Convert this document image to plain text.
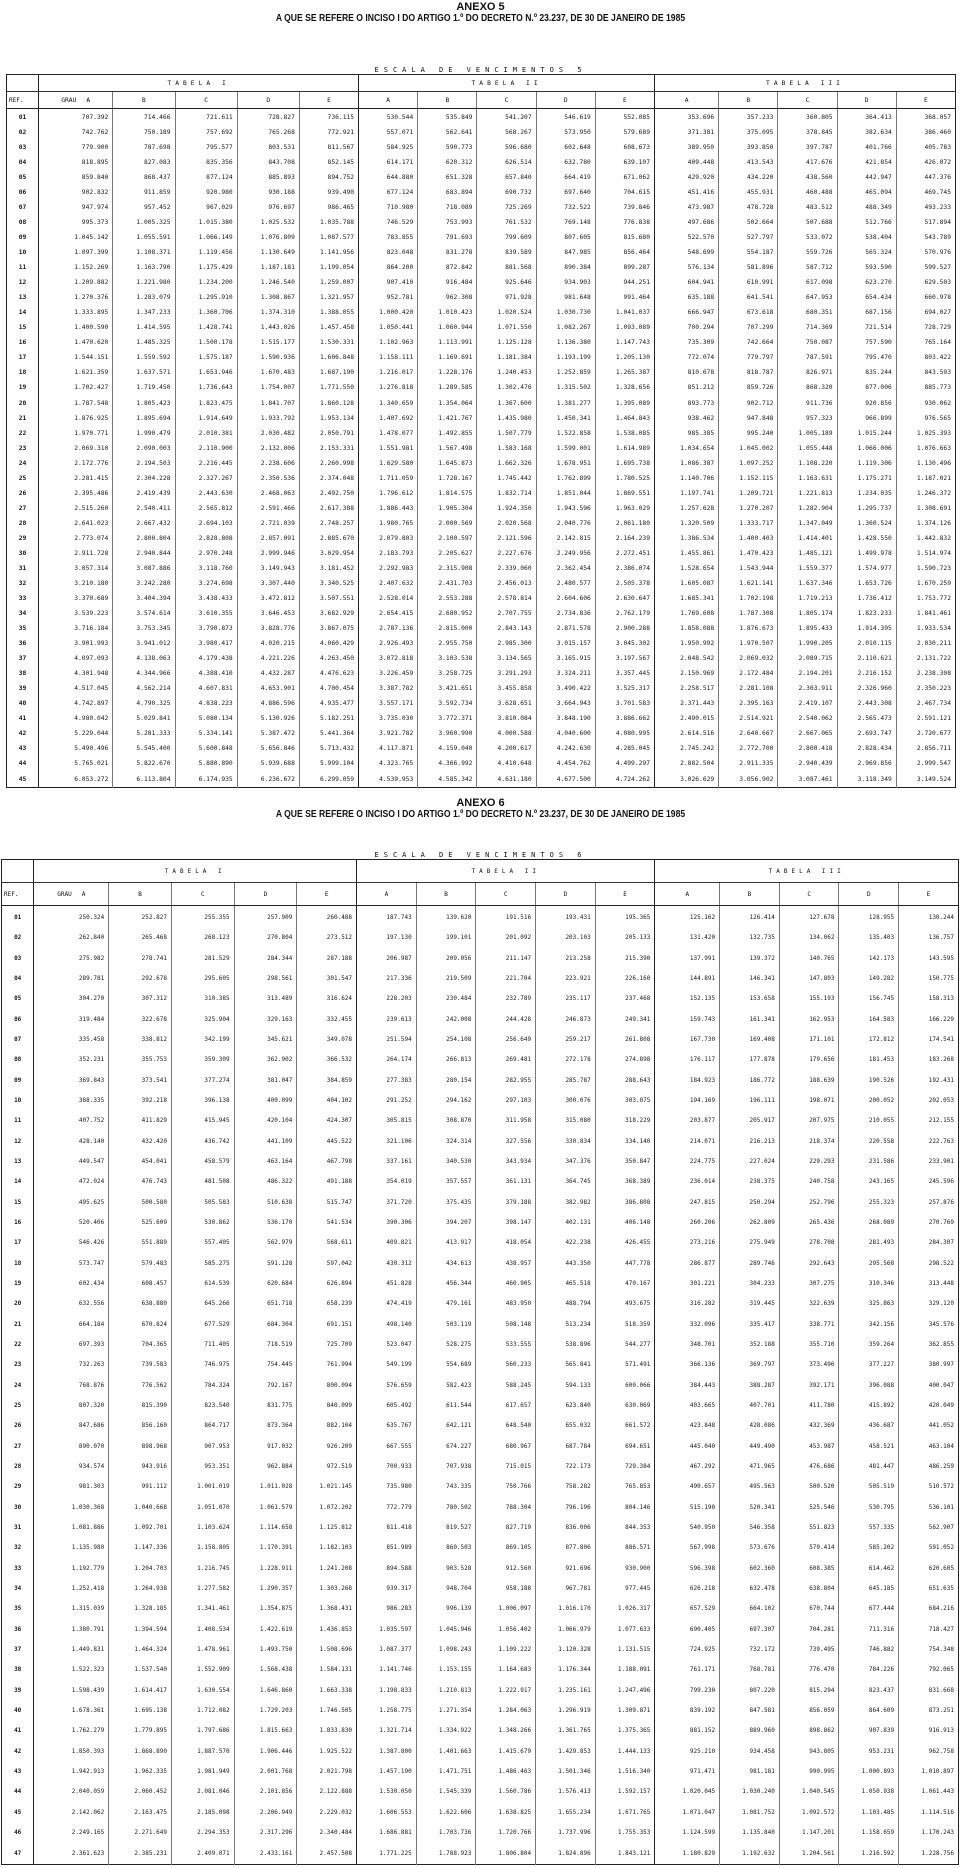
ANEXO 5
A QUE SE REFERE O INCISO I DO ARTIGO 1.º DO DECRETO N.º 23.237, DE 30 DE JANEIRO DE 1985
ESCALA DE VENCIMENTOS 5
	TABELA I					TABELA II					TABELA III				
REF.	GRAU A	B	C	D	E	A	B	C	D	E	A	B	C	D	E
01	707.392	714.466	721.611	728.827	736.115	530.544	535.849	541.207	546.619	552.085	353.696	357.233	360.805	364.413	368.057
02	742.762	750.189	757.692	765.268	772.921	557.071	562.641	568.267	573.950	579.689	371.381	375.095	378.845	382.634	386.460
03	779.900	787.698	795.577	803.531	811.567	584.925	590.773	596.680	602.648	608.673	389.950	393.850	397.787	401.766	405.783
04	818.895	827.083	835.356	843.708	852.145	614.171	620.312	626.514	632.780	639.107	409.448	413.543	417.676	421.854	426.072
05	859.840	868.437	877.124	885.893	894.752	644.880	651.328	657.840	664.419	671.062	429.920	434.220	438.560	442.947	447.376
06	902.832	911.859	920.980	930.188	939.490	677.124	683.894	690.732	697.640	704.615	451.416	455.931	460.488	465.094	469.745
07	947.974	957.452	967.029	976.697	986.465	710.980	718.089	725.269	732.522	739.846	473.987	478.728	483.512	488.349	493.233
08	995.373	1.005.325	1.015.380	1.025.532	1.035.788	746.529	753.993	761.532	769.148	776.838	497.686	502.664	507.688	512.766	517.894
09	1.045.142	1.055.591	1.066.149	1.076.809	1.087.577	783.855	791.693	799.609	807.605	815.680	522.570	527.797	533.072	538.404	543.789
10	1.097.399	1.108.371	1.119.456	1.130.649	1.141.956	823.048	831.278	839.589	847.985	856.464	548.699	554.187	559.726	565.324	570.976
11	1.152.269	1.163.790	1.175.429	1.187.181	1.199.054	864.200	872.842	881.568	890.384	899.287	576.134	581.896	587.712	593.590	599.527
12	1.209.882	1.221.980	1.234.200	1.246.540	1.259.007	907.410	916.484	925.646	934.903	944.251	604.941	610.991	617.098	623.270	629.503
13	1.270.376	1.283.079	1.295.910	1.308.867	1.321.957	952.781	962.308	971.928	981.648	991.464	635.188	641.541	647.953	654.434	660.978
14	1.333.895	1.347.233	1.360.706	1.374.310	1.388.055	1.000.420	1.010.423	1.020.524	1.030.730	1.041.037	666.947	673.618	680.351	687.156	694.027
15	1.400.590	1.414.595	1.428.741	1.443.026	1.457.458	1.050.441	1.060.944	1.071.550	1.082.267	1.093.089	700.294	707.299	714.369	721.514	728.729
16	1.470.620	1.485.325	1.500.178	1.515.177	1.530.331	1.102.963	1.113.991	1.125.128	1.136.380	1.147.743	735.309	742.664	750.087	757.590	765.164
17	1.544.151	1.559.592	1.575.187	1.590.936	1.606.848	1.158.111	1.169.691	1.181.384	1.193.199	1.205.130	772.074	779.797	787.591	795.470	803.422
18	1.621.359	1.637.571	1.653.946	1.670.483	1.687.190	1.216.017	1.228.176	1.240.453	1.252.859	1.265.387	810.678	818.787	826.971	835.244	843.593
19	1.702.427	1.719.450	1.736.643	1.754.007	1.771.550	1.276.818	1.289.585	1.302.476	1.315.502	1.328.656	851.212	859.726	868.320	877.006	885.773
20	1.787.548	1.805.423	1.823.475	1.841.707	1.860.128	1.340.659	1.354.064	1.367.600	1.381.277	1.395.089	893.773	902.712	911.736	920.856	930.062
21	1.876.925	1.895.694	1.914.649	1.933.792	1.953.134	1.407.692	1.421.767	1.435.980	1.450.341	1.464.843	938.462	947.848	957.323	966.899	976.565
22	1.970.771	1.990.479	2.010.381	2.030.482	2.050.791	1.478.077	1.492.855	1.507.779	1.522.858	1.538.085	985.385	995.240	1.005.189	1.015.244	1.025.393
23	2.069.310	2.090.003	2.110.900	2.132.006	2.153.331	1.551.981	1.567.498	1.583.168	1.599.001	1.614.989	1.034.654	1.045.002	1.055.448	1.066.006	1.076.663
24	2.172.776	2.194.503	2.216.445	2.238.606	2.260.998	1.629.580	1.645.873	1.662.326	1.678.951	1.695.738	1.086.387	1.097.252	1.108.220	1.119.306	1.130.496
25	2.281.415	2.304.228	2.327.267	2.350.536	2.374.048	1.711.059	1.728.167	1.745.442	1.762.899	1.780.525	1.140.706	1.152.115	1.163.631	1.175.271	1.187.021
26	2.395.486	2.419.439	2.443.630	2.468.063	2.492.750	1.796.612	1.814.575	1.832.714	1.851.044	1.869.551	1.197.741	1.209.721	1.221.813	1.234.035	1.246.372
27	2.515.260	2.540.411	2.565.812	2.591.466	2.617.388	1.886.443	1.905.304	1.924.350	1.943.596	1.963.029	1.257.628	1.270.207	1.282.904	1.295.737	1.308.691
28	2.641.023	2.667.432	2.694.103	2.721.039	2.748.257	1.980.765	2.000.569	2.020.568	2.040.776	2.061.180	1.320.509	1.333.717	1.347.049	1.360.524	1.374.126
29	2.773.074	2.800.804	2.828.808	2.857.091	2.885.670	2.079.803	2.100.597	2.121.596	2.142.815	2.164.239	1.386.534	1.400.403	1.414.401	1.428.550	1.442.832
30	2.911.728	2.940.844	2.970.248	2.999.946	3.029.954	2.183.793	2.205.627	2.227.676	2.249.956	2.272.451	1.455.861	1.470.423	1.485.121	1.499.978	1.514.974
31	3.057.314	3.087.886	3.118.760	3.149.943	3.181.452	2.292.983	2.315.908	2.339.060	2.362.454	2.386.074	1.528.654	1.543.944	1.559.377	1.574.977	1.590.723
32	3.210.180	3.242.280	3.274.698	3.307.440	3.340.525	2.407.632	2.431.703	2.456.013	2.480.577	2.505.378	1.605.087	1.621.141	1.637.346	1.653.726	1.670.259
33	3.370.689	3.404.394	3.438.433	3.472.812	3.507.551	2.528.014	2.553.288	2.578.814	2.604.606	2.630.647	1.685.341	1.702.198	1.719.213	1.736.412	1.753.772
34	3.539.223	3.574.614	3.610.355	3.646.453	3.682.929	2.654.415	2.680.952	2.707.755	2.734.836	2.762.179	1.769.608	1.787.308	1.805.174	1.823.233	1.841.461
35	3.716.184	3.753.345	3.790.873	3.828.776	3.867.075	2.787.136	2.815.000	2.843.143	2.871.578	2.900.288	1.858.088	1.876.673	1.895.433	1.914.395	1.933.534
36	3.901.993	3.941.012	3.980.417	4.020.215	4.060.429	2.926.493	2.955.750	2.985.300	3.015.157	3.045.302	1.950.992	1.970.507	1.990.205	2.010.115	2.030.211
37	4.097.093	4.138.063	4.179.438	4.221.226	4.263.450	3.072.818	3.103.538	3.134.565	3.165.915	3.197.567	2.048.542	2.069.032	2.089.715	2.110.621	2.131.722
38	4.301.948	4.344.966	4.388.410	4.432.287	4.476.623	3.226.459	3.258.725	3.291.293	3.324.211	3.357.445	2.150.969	2.172.484	2.194.201	2.216.152	2.238.308
39	4.517.045	4.562.214	4.607.831	4.653.901	4.700.454	3.387.782	3.421.651	3.455.858	3.490.422	3.525.317	2.258.517	2.281.108	2.303.911	2.326.960	2.350.223
40	4.742.897	4.790.325	4.838.223	4.886.596	4.935.477	3.557.171	3.592.734	3.628.651	3.664.943	3.701.583	2.371.443	2.395.163	2.419.107	2.443.308	2.467.734
41	4.980.042	5.029.841	5.080.134	5.130.926	5.182.251	3.735.030	3.772.371	3.810.084	3.848.190	3.886.662	2.490.015	2.514.921	2.540.062	2.565.473	2.591.121
42	5.229.044	5.281.333	5.334.141	5.387.472	5.441.364	3.921.782	3.960.990	4.000.588	4.040.600	4.080.995	2.614.516	2.640.667	2.667.065	2.693.747	2.720.677
43	5.490.496	5.545.400	5.600.848	5.656.846	5.713.432	4.117.871	4.159.040	4.200.617	4.242.630	4.285.045	2.745.242	2.772.700	2.800.418	2.828.434	2.856.711
44	5.765.021	5.822.670	5.880.890	5.939.688	5.999.104	4.323.765	4.366.992	4.410.648	4.454.762	4.499.297	2.882.504	2.911.335	2.940.439	2.969.856	2.999.547
45	6.053.272	6.113.804	6.174.935	6.236.672	6.299.059	4.539.953	4.585.342	4.631.180	4.677.500	4.724.262	3.026.629	3.056.902	3.087.461	3.118.349	3.149.524
ANEXO 6
A QUE SE REFERE O INCISO I DO ARTIGO 1.º DO DECRETO N.º 23.237, DE 30 DE JANEIRO DE 1985
ESCALA DE VENCIMENTOS 6
	TABELA I					TABELA II					TABELA III				
REF.	GRAU A	B	C	D	E	A	B	C	D	E	A	B	C	D	E
01	250.324	252.827	255.355	257.909	260.488	187.743	139.620	191.516	193.431	195.365	125.162	126.414	127.678	128.955	130.244
02	262.840	265.468	268.123	270.804	273.512	197.130	199.101	201.092	203.103	205.133	131.420	132.735	134.062	135.403	136.757
03	275.982	278.741	281.529	284.344	287.188	206.987	209.056	211.147	213.258	215.390	137.991	139.372	140.765	142.173	143.595
04	289.781	292.678	295.605	298.561	301.547	217.336	219.509	221.704	223.921	226.160	144.891	146.341	147.803	149.282	150.775
05	304.270	307.312	310.385	313.489	316.624	228.203	230.484	232.789	235.117	237.468	152.135	153.658	155.193	156.745	158.313
06	319.484	322.678	325.904	329.163	332.455	239.613	242.008	244.428	246.873	249.341	159.743	161.341	162.953	164.583	166.229
07	335.458	338.812	342.199	345.621	349.078	251.594	254.108	256.649	259.217	261.808	167.730	169.408	171.101	172.812	174.541
08	352.231	355.753	359.309	362.902	366.532	264.174	266.813	269.481	272.178	274.898	176.117	177.878	179.656	181.453	183.268
09	369.843	373.541	377.274	381.047	384.859	277.383	280.154	282.955	285.787	288.643	184.923	186.772	188.639	190.526	192.431
10	388.335	392.218	396.138	400.099	404.102	291.252	294.162	297.103	300.076	303.075	194.169	196.111	198.071	200.052	202.053
11	407.752	411.829	415.945	420.104	424.307	305.815	308.870	311.958	315.080	318.229	203.877	205.917	207.975	210.055	212.155
12	428.140	432.420	436.742	441.109	445.522	321.106	324.314	327.556	330.834	334.140	214.071	216.213	218.374	220.558	222.763
13	449.547	454.041	458.579	463.164	467.798	337.161	340.530	343.934	347.376	350.847	224.775	227.024	229.293	231.586	233.901
14	472.024	476.743	481.508	486.322	491.188	354.019	357.557	361.131	364.745	368.389	236.014	238.375	240.758	243.165	245.596
15	495.625	500.580	505.583	510.638	515.747	371.720	375.435	379.188	382.982	386.808	247.815	250.294	252.796	255.323	257.876
16	520.406	525.609	530.862	536.170	541.534	390.306	394.207	398.147	402.131	406.148	260.206	262.809	265.436	268.089	270.769
17	546.426	551.889	557.405	562.979	568.611	409.821	413.917	418.054	422.238	426.455	273.216	275.949	278.708	281.493	284.307
18	573.747	579.483	585.275	591.128	597.042	430.312	434.613	438.957	443.350	447.778	286.877	289.746	292.643	295.568	298.522
19	602.434	608.457	614.539	620.684	626.894	451.828	456.344	460.905	465.518	470.167	301.221	304.233	307.275	310.346	313.448
20	632.556	638.880	645.266	651.718	658.239	474.419	479.161	483.950	488.794	493.675	316.282	319.445	322.639	325.863	329.120
21	664.184	670.824	677.529	684.304	691.151	498.140	503.119	508.148	513.234	518.359	332.096	335.417	338.771	342.156	345.576
22	697.393	704.365	711.405	718.519	725.709	523.047	528.275	533.555	538.896	544.277	348.701	352.188	355.710	359.264	362.855
23	732.263	739.583	746.975	754.445	761.994	549.199	554.689	560.233	565.841	571.491	366.136	369.797	373.496	377.227	380.997
24	768.876	776.562	784.324	792.167	800.094	576.659	582.423	588.245	594.133	600.066	384.443	388.287	392.171	396.088	400.047
25	807.320	815.390	823.540	831.775	840.099	605.492	611.544	617.657	623.840	630.069	403.665	407.701	411.780	415.892	420.049
26	847.686	856.160	864.717	873.364	882.104	635.767	642.121	648.540	655.032	661.572	423.848	428.086	432.369	436.687	441.052
27	890.070	898.968	907.953	917.032	926.209	667.555	674.227	680.967	687.784	694.651	445.040	449.490	453.987	458.521	463.104
28	934.574	943.916	953.351	962.884	972.519	700.933	707.938	715.015	722.173	729.384	467.292	471.965	476.686	481.447	486.259
29	981.303	991.112	1.001.019	1.011.028	1.021.145	735.980	743.335	750.766	758.282	765.853	490.657	495.563	500.520	505.519	510.572
30	1.030.368	1.040.668	1.051.070	1.061.579	1.072.202	772.779	780.502	788.304	796.196	804.146	515.190	520.341	525.546	530.795	536.101
31	1.081.886	1.092.701	1.103.624	1.114.658	1.125.812	811.418	819.527	827.719	836.006	844.353	540.950	546.358	551.823	557.335	562.907
32	1.135.980	1.147.336	1.158.805	1.170.391	1.182.103	851.989	860.503	869.105	877.806	886.571	567.998	573.676	579.414	585.202	591.052
33	1.192.779	1.204.703	1.216.745	1.228.911	1.241.208	894.588	903.528	912.560	921.696	930.900	596.398	602.360	608.385	614.462	620.605
34	1.252.418	1.264.938	1.277.582	1.290.357	1.303.268	939.317	948.704	958.188	967.781	977.445	626.218	632.478	638.804	645.185	651.635
35	1.315.039	1.328.185	1.341.461	1.354.875	1.368.431	986.283	996.139	1.006.097	1.016.170	1.026.317	657.529	664.102	670.744	677.444	684.216
36	1.380.791	1.394.594	1.408.534	1.422.619	1.436.853	1.035.597	1.045.946	1.056.402	1.066.979	1.077.633	690.405	697.307	704.281	711.316	718.427
37	1.449.831	1.464.324	1.478.961	1.493.750	1.508.696	1.087.377	1.098.243	1.109.222	1.120.328	1.131.515	724.925	732.172	739.495	746.882	754.348
38	1.522.323	1.537.540	1.552.909	1.568.438	1.584.131	1.141.746	1.153.155	1.164.683	1.176.344	1.188.091	761.171	768.781	776.470	784.226	792.065
39	1.598.439	1.614.417	1.630.554	1.646.860	1.663.338	1.198.833	1.210.813	1.222.917	1.235.161	1.247.496	799.230	807.220	815.294	823.437	831.668
40	1.678.361	1.695.138	1.712.082	1.729.203	1.746.505	1.258.775	1.271.354	1.284.063	1.296.919	1.309.871	839.192	847.581	856.059	864.609	873.251
41	1.762.279	1.779.895	1.797.686	1.815.663	1.833.830	1.321.714	1.334.922	1.348.266	1.361.765	1.375.365	881.152	889.960	898.862	907.839	916.913
42	1.850.393	1.868.890	1.887.570	1.906.446	1.925.522	1.387.800	1.401.663	1.415.679	1.429.853	1.444.133	925.210	934.458	943.805	953.231	962.758
43	1.942.913	1.962.335	1.981.949	2.001.768	2.021.798	1.457.190	1.471.751	1.486.463	1.501.346	1.516.340	971.471	981.181	990.995	1.000.893	1.010.897
44	2.040.059	2.060.452	2.081.046	2.101.856	2.122.888	1.530.050	1.545.339	1.560.786	1.576.413	1.592.157	1.020.045	1.030.240	1.040.545	1.050.938	1.061.443
45	2.142.062	2.163.475	2.185.098	2.206.949	2.229.032	1.606.553	1.622.606	1.638.825	1.655.234	1.671.765	1.071.047	1.081.752	1.092.572	1.103.485	1.114.516
46	2.249.165	2.271.649	2.294.353	2.317.296	2.340.484	1.686.881	1.703.736	1.720.766	1.737.996	1.755.353	1.124.599	1.135.840	1.147.201	1.158.659	1.170.243
47	2.361.623	2.385.231	2.409.071	2.433.161	2.457.508	1.771.225	1.788.923	1.806.804	1.824.896	1.843.121	1.180.829	1.192.632	1.204.561	1.216.592	1.228.756
